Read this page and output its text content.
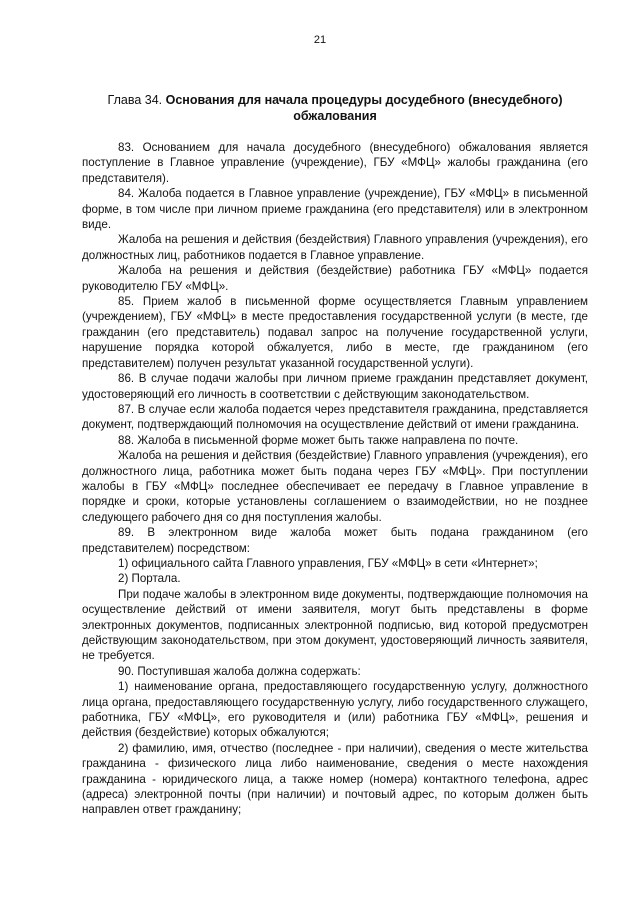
21
Глава 34. Основания для начала процедуры досудебного (внесудебного) обжалования

83. Основанием для начала досудебного (внесудебного) обжалования является поступление в Главное управление (учреждение), ГБУ «МФЦ» жалобы гражданина (его представителя).

84. Жалоба подается в Главное управление (учреждение), ГБУ «МФЦ» в письменной форме, в том числе при личном приеме гражданина (его представителя) или в электронном виде.

Жалоба на решения и действия (бездействия) Главного управления (учреждения), его должностных лиц, работников подается в Главное управление.

Жалоба на решения и действия (бездействие) работника ГБУ «МФЦ» подается руководителю ГБУ «МФЦ».

85. Прием жалоб в письменной форме осуществляется Главным управлением (учреждением), ГБУ «МФЦ» в месте предоставления государственной услуги (в месте, где гражданин (его представитель) подавал запрос на получение государственной услуги, нарушение порядка которой обжалуется, либо в месте, где гражданином (его представителем) получен результат указанной государственной услуги).

86. В случае подачи жалобы при личном приеме гражданин представляет документ, удостоверяющий его личность в соответствии с действующим законодательством.

87. В случае если жалоба подается через представителя гражданина, представляется документ, подтверждающий полномочия на осуществление действий от имени гражданина.

88. Жалоба в письменной форме может быть также направлена по почте.

Жалоба на решения и действия (бездействие) Главного управления (учреждения), его должностного лица, работника может быть подана через ГБУ «МФЦ». При поступлении жалобы в ГБУ «МФЦ» последнее обеспечивает ее передачу в Главное управление в порядке и сроки, которые установлены соглашением о взаимодействии, но не позднее следующего рабочего дня со дня поступления жалобы.

89. В электронном виде жалоба может быть подана гражданином (его представителем) посредством:

1) официального сайта Главного управления, ГБУ «МФЦ» в сети «Интернет»;

2) Портала.

При подаче жалобы в электронном виде документы, подтверждающие полномочия на осуществление действий от имени заявителя, могут быть представлены в форме электронных документов, подписанных электронной подписью, вид которой предусмотрен действующим законодательством, при этом документ, удостоверяющий личность заявителя, не требуется.

90. Поступившая жалоба должна содержать:

1) наименование органа, предоставляющего государственную услугу, должностного лица органа, предоставляющего государственную услугу, либо государственного служащего, работника, ГБУ «МФЦ», его руководителя и (или) работника ГБУ «МФЦ», решения и действия (бездействие) которых обжалуются;

2) фамилию, имя, отчество (последнее - при наличии), сведения о месте жительства гражданина - физического лица либо наименование, сведения о месте нахождения гражданина - юридического лица, а также номер (номера) контактного телефона, адрес (адреса) электронной почты (при наличии) и почтовый адрес, по которым должен быть направлен ответ гражданину;
